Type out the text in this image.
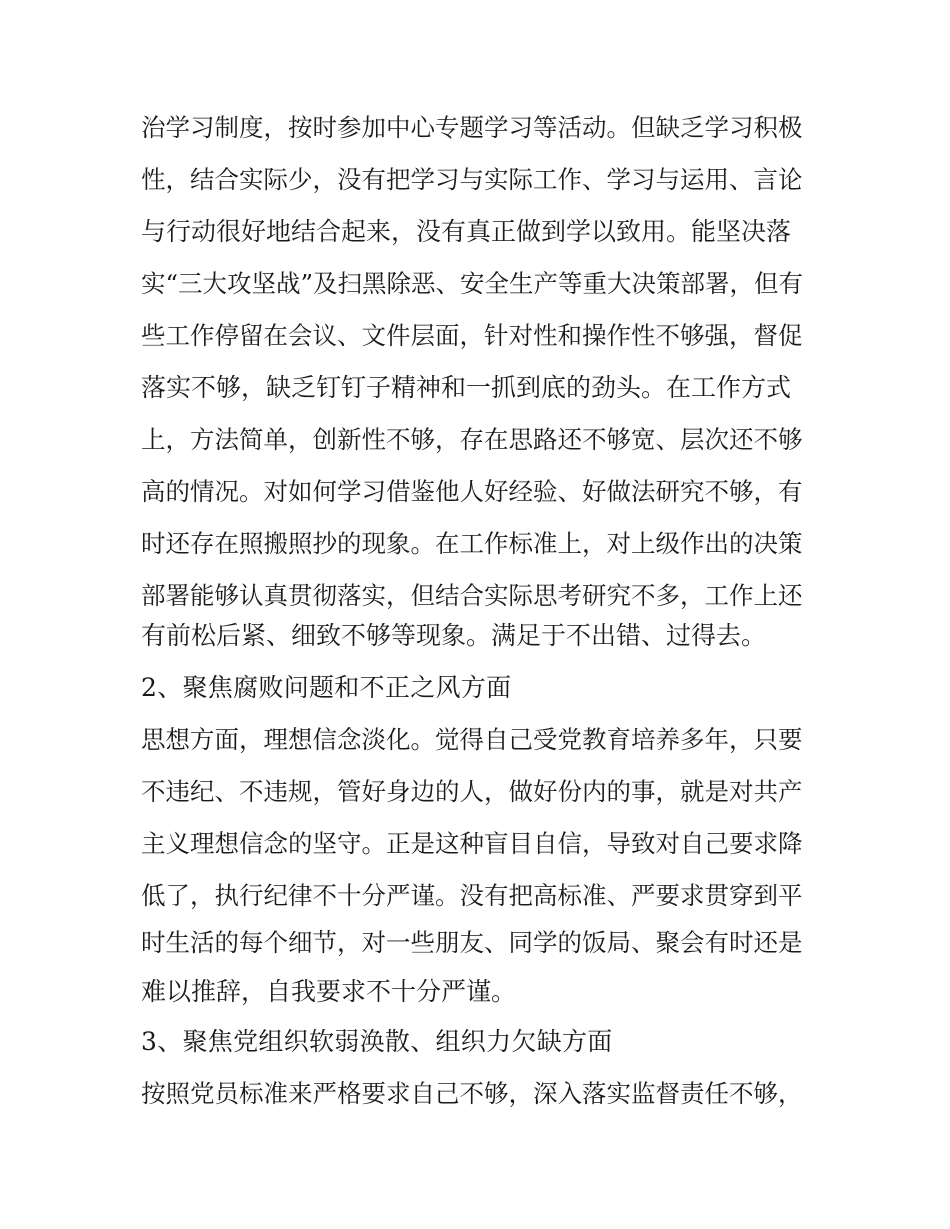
治学习制度，按时参加中心专题学习等活动。但缺乏学习积极
性，结合实际少，没有把学习与实际工作、学习与运用、言论
与行动很好地结合起来，没有真正做到学以致用。能坚决落
实“三大攻坚战”及扫黑除恶、安全生产等重大决策部署，但有
些工作停留在会议、文件层面，针对性和操作性不够强，督促
落实不够，缺乏钉钉子精神和一抓到底的劲头。在工作方式
上，方法简单，创新性不够，存在思路还不够宽、层次还不够
高的情况。对如何学习借鉴他人好经验、好做法研究不够，有
时还存在照搬照抄的现象。在工作标准上，对上级作出的决策
部署能够认真贯彻落实，但结合实际思考研究不多，工作上还
有前松后紧、细致不够等现象。满足于不出错、过得去。
2、聚焦腐败问题和不正之风方面
思想方面，理想信念淡化。觉得自己受党教育培养多年，只要
不违纪、不违规，管好身边的人，做好份内的事，就是对共产
主义理想信念的坚守。正是这种盲目自信，导致对自己要求降
低了，执行纪律不十分严谨。没有把高标准、严要求贯穿到平
时生活的每个细节，对一些朋友、同学的饭局、聚会有时还是
难以推辞，自我要求不十分严谨。
3、聚焦党组织软弱涣散、组织力欠缺方面
按照党员标准来严格要求自己不够，深入落实监督责任不够，
